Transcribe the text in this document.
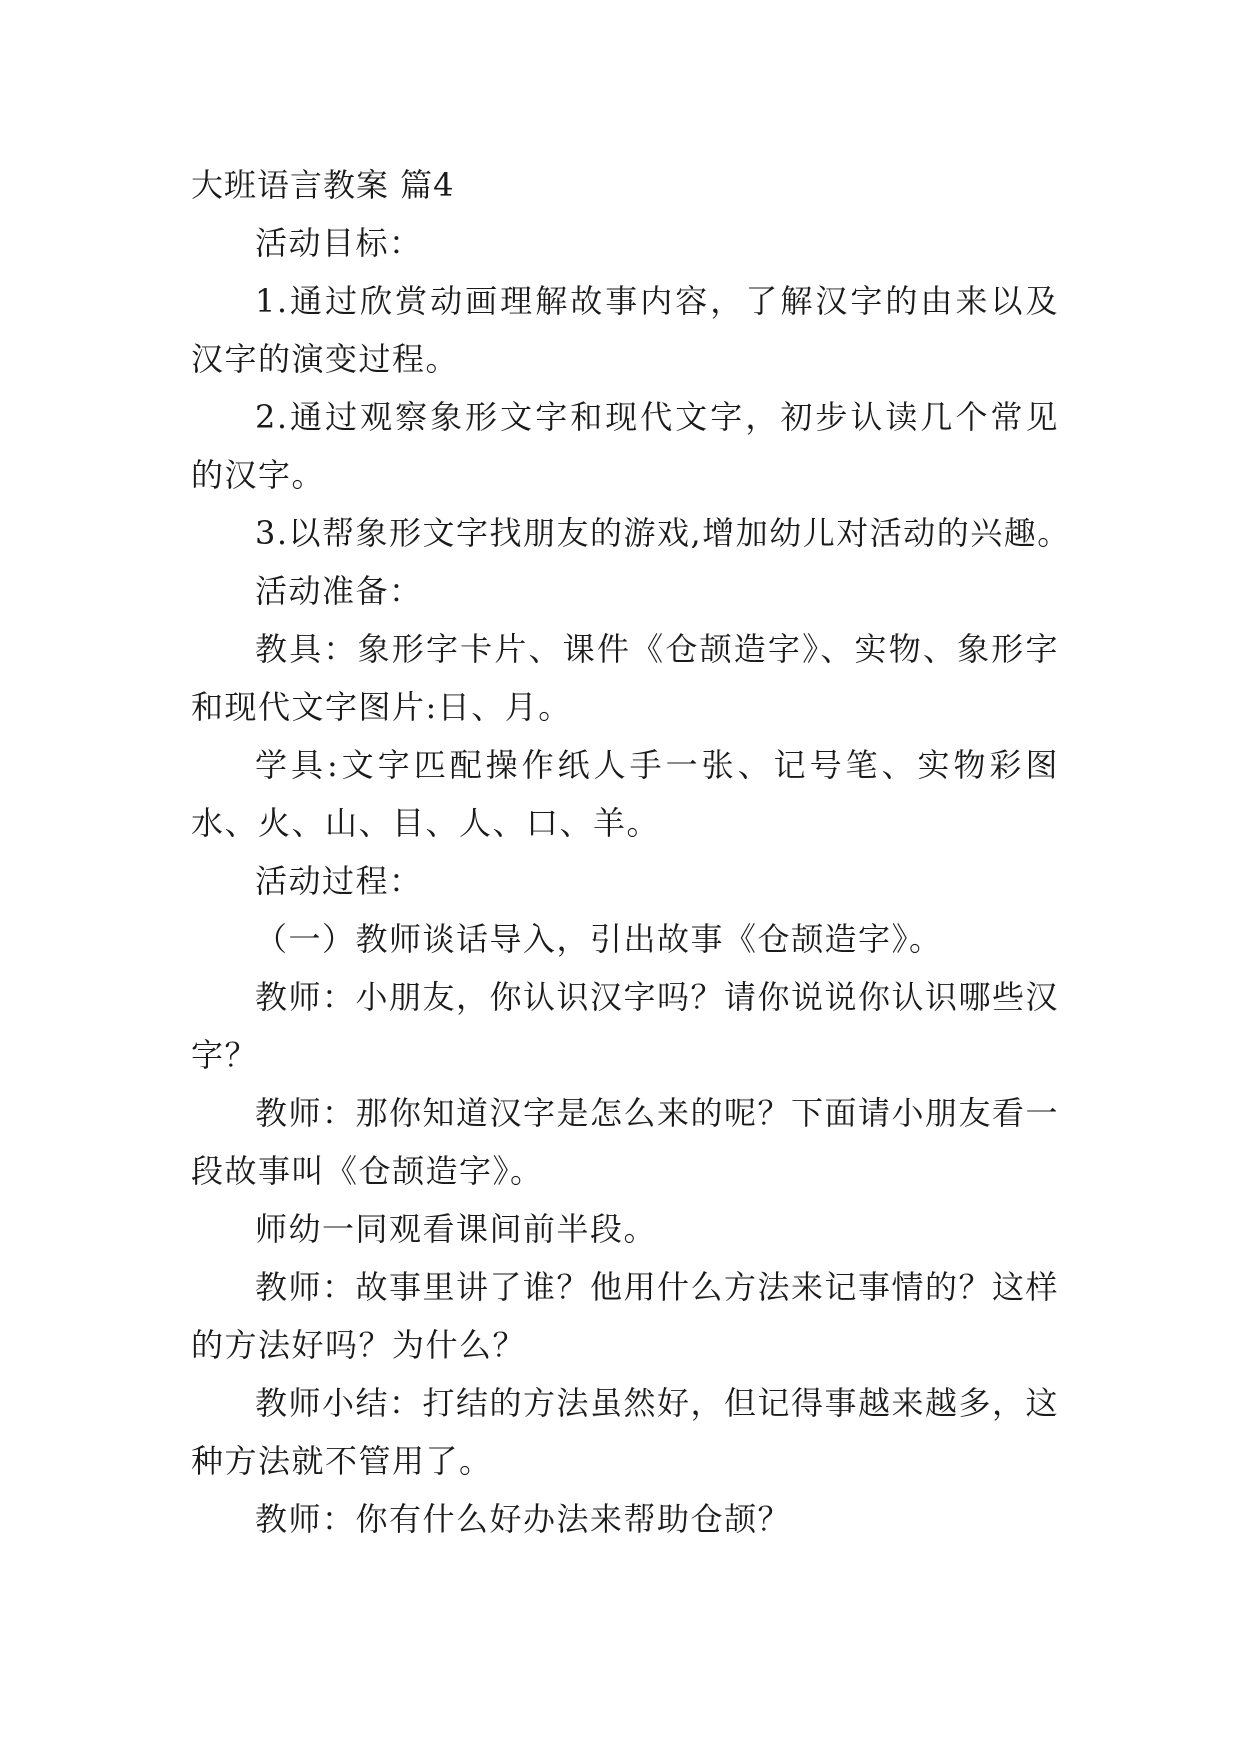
大班语言教案 篇4

活动目标：

1.通过欣赏动画理解故事内容，了解汉字的由来以及汉字的演变过程。

2.通过观察象形文字和现代文字，初步认读几个常见的汉字。

3.以帮象形文字找朋友的游戏,增加幼儿对活动的兴趣。

活动准备：

教具：象形字卡片、课件《仓颉造字》、实物、象形字和现代文字图片:日、月。

学具:文字匹配操作纸人手一张、记号笔、实物彩图水、火、山、目、人、口、羊。

活动过程：

（一）教师谈话导入，引出故事《仓颉造字》。

教师：小朋友，你认识汉字吗？请你说说你认识哪些汉字？

教师：那你知道汉字是怎么来的呢？下面请小朋友看一段故事叫《仓颉造字》。

师幼一同观看课间前半段。

教师：故事里讲了谁？他用什么方法来记事情的？这样的方法好吗？为什么？

教师小结：打结的方法虽然好，但记得事越来越多，这种方法就不管用了。

教师：你有什么好办法来帮助仓颉？
